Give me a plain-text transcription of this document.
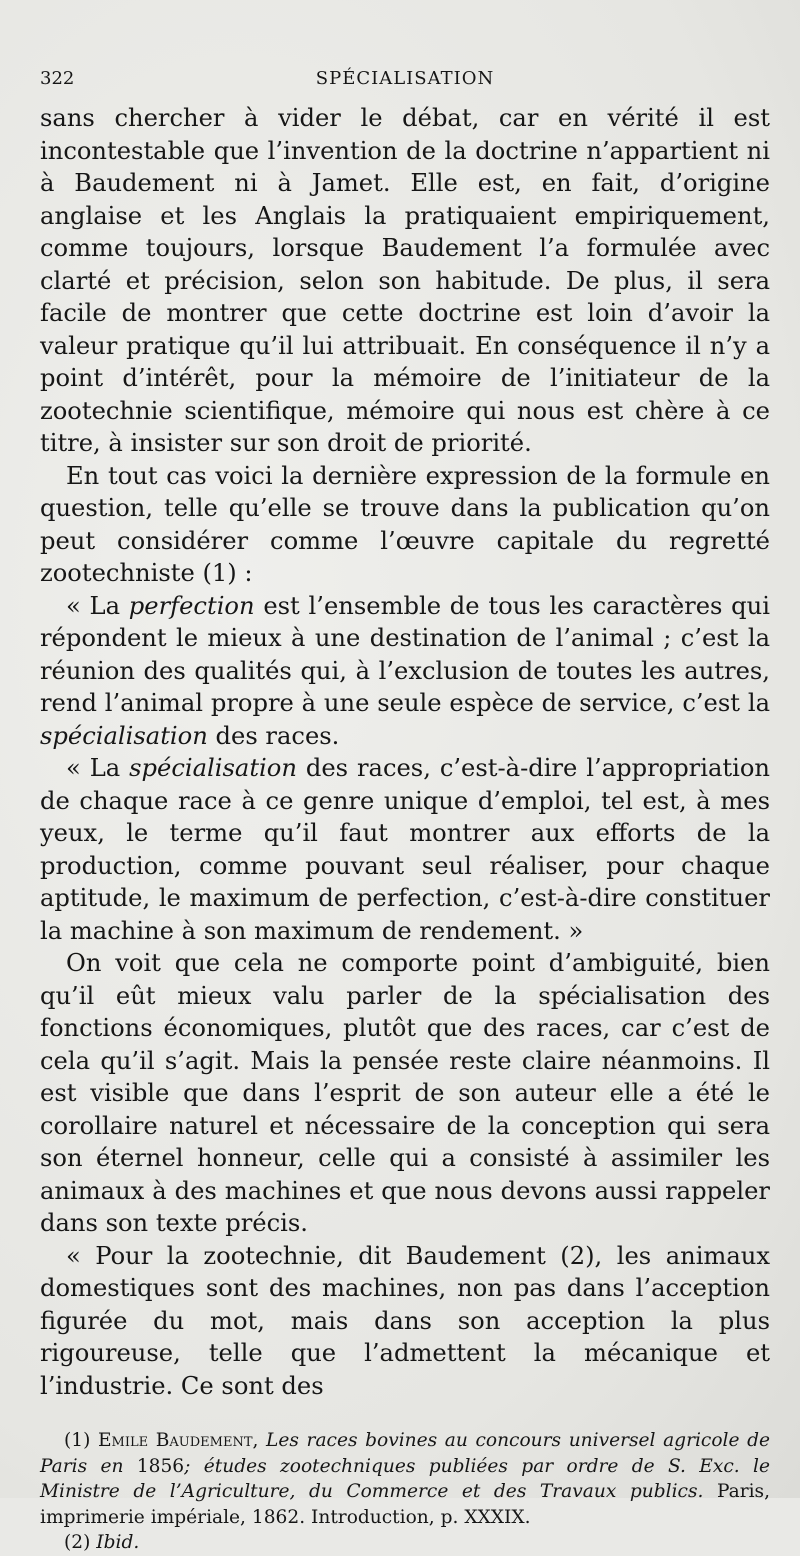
322	SPÉCIALISATION

sans chercher à vider le débat, car en vérité il est incontestable que l’invention de la doctrine n’appartient ni à Baudement ni à Jamet. Elle est, en fait, d’origine anglaise et les Anglais la pratiquaient empiriquement, comme toujours, lorsque Baudement l’a formulée avec clarté et précision, selon son habitude. De plus, il sera facile de montrer que cette doctrine est loin d’avoir la valeur pratique qu’il lui attribuait. En conséquence il n’y a point d’intérêt, pour la mémoire de l’initiateur de la zootechnie scientifique, mémoire qui nous est chère à ce titre, à insister sur son droit de priorité.

En tout cas voici la dernière expression de la formule en question, telle qu’elle se trouve dans la publication qu’on peut considérer comme l’œuvre capitale du regretté zootechniste (1) :

« La perfection est l’ensemble de tous les caractères qui répondent le mieux à une destination de l’animal ; c’est la réunion des qualités qui, à l’exclusion de toutes les autres, rend l’animal propre à une seule espèce de service, c’est la spécialisation des races.

« La spécialisation des races, c’est-à-dire l’appropriation de chaque race à ce genre unique d’emploi, tel est, à mes yeux, le terme qu’il faut montrer aux efforts de la production, comme pouvant seul réaliser, pour chaque aptitude, le maximum de perfection, c’est-à-dire constituer la machine à son maximum de rendement. »

On voit que cela ne comporte point d’ambiguité, bien qu’il eût mieux valu parler de la spécialisation des fonctions économiques, plutôt que des races, car c’est de cela qu’il s’agit. Mais la pensée reste claire néanmoins. Il est visible que dans l’esprit de son auteur elle a été le corollaire naturel et nécessaire de la conception qui sera son éternel honneur, celle qui a consisté à assimiler les animaux à des machines et que nous devons aussi rappeler dans son texte précis.

« Pour la zootechnie, dit Baudement (2), les animaux domestiques sont des machines, non pas dans l’acception figurée du mot, mais dans son acception la plus rigoureuse, telle que l’admettent la mécanique et l’industrie. Ce sont des

(1) Emile Baudement, Les races bovines au concours universel agricole de Paris en 1856; études zootechniques publiées par ordre de S. Exc. le Ministre de l’Agriculture, du Commerce et des Travaux publics. Paris, imprimerie impériale, 1862. Introduction, p. XXXIX.

(2) Ibid.
